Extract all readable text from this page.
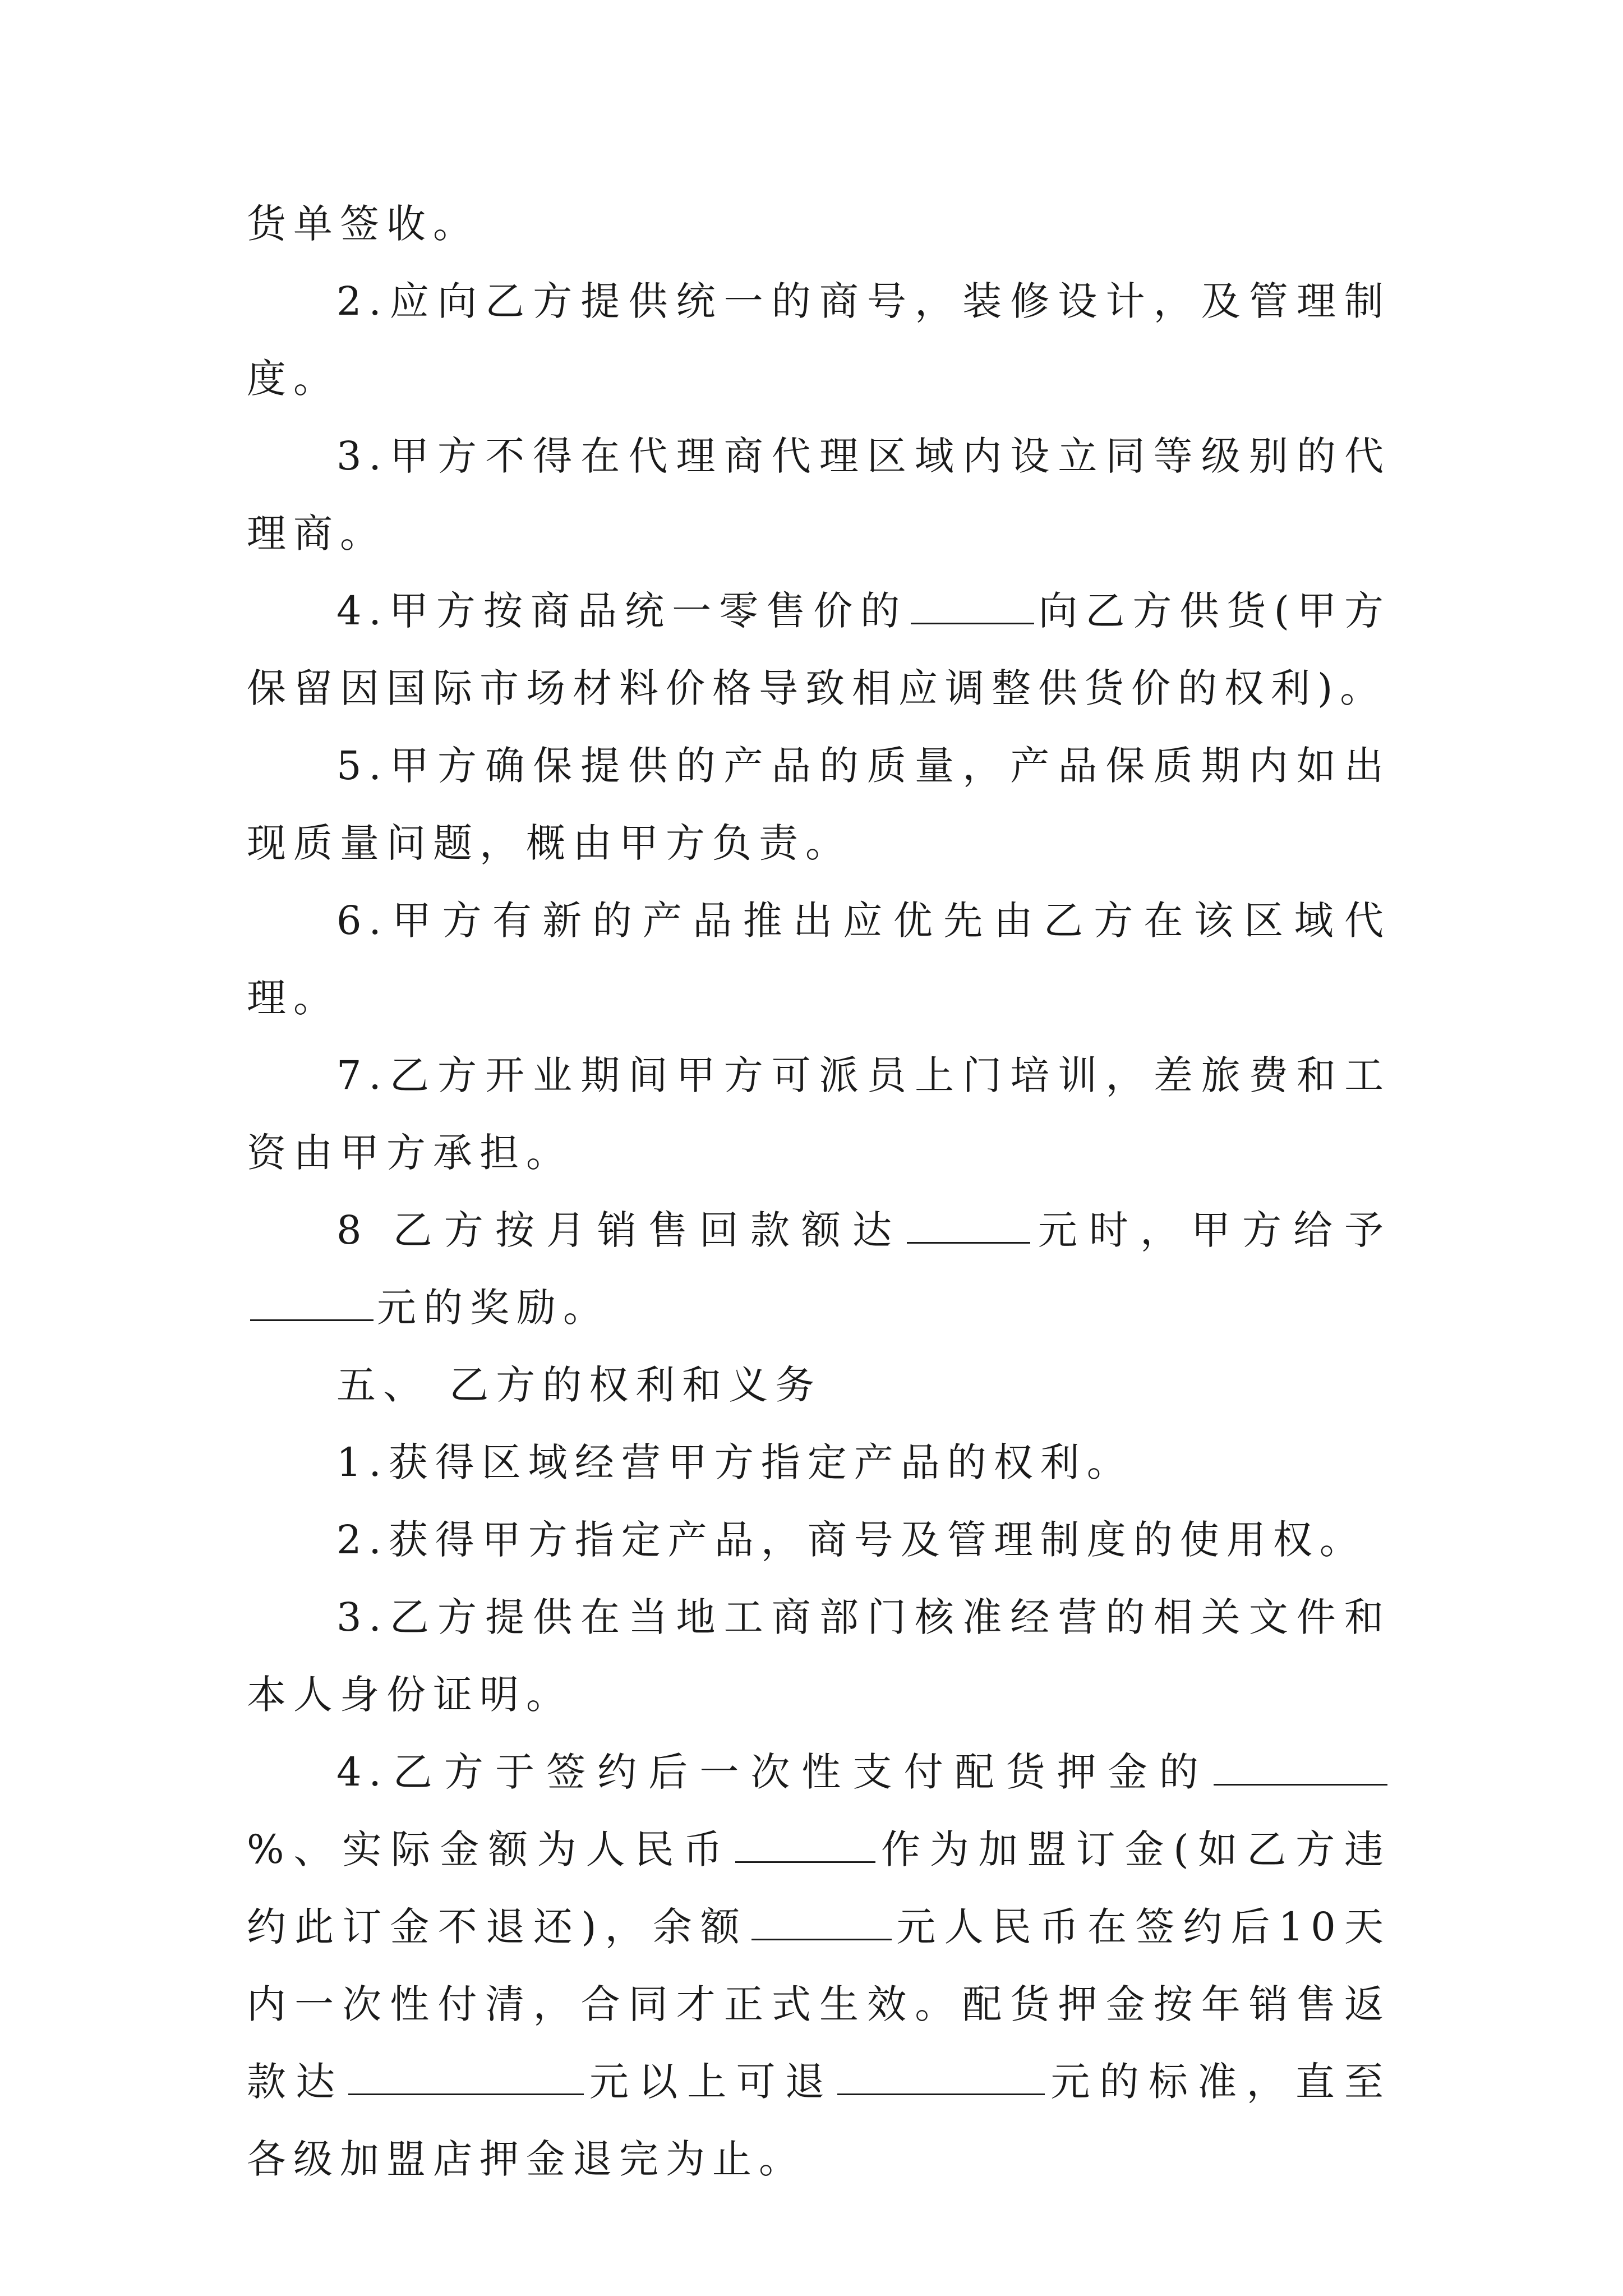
货单签收。

2.应向乙方提供统一的商号，装修设计，及管理制度。

3.甲方不得在代理商代理区域内设立同等级别的代理商。

4.甲方按商品统一零售价的	向乙方供货(甲方保留因国际市场材料价格导致相应调整供货价的权利)。

5.甲方确保提供的产品的质量，产品保质期内如出现质量问题，概由甲方负责。

6.甲方有新的产品推出应优先由乙方在该区域代理。

7.乙方开业期间甲方可派员上门培训，差旅费和工资由甲方承担。

8 乙方按月销售回款额达	元时，甲方给予元的奖励。

五、 乙方的权利和义务

1.获得区域经营甲方指定产品的权利。

2.获得甲方指定产品，商号及管理制度的使用权。

3.乙方提供在当地工商部门核准经营的相关文件和本人身份证明。

4.乙方于签约后一次性支付配货押金的%、实际金额为人民币	作为加盟订金(如乙方违约此订金不退还)，余额	元人民币在签约后10天内一次性付清，合同才正式生效。配货押金按年销售返款达	元以上可退	元的标准，直至各级加盟店押金退完为止。
